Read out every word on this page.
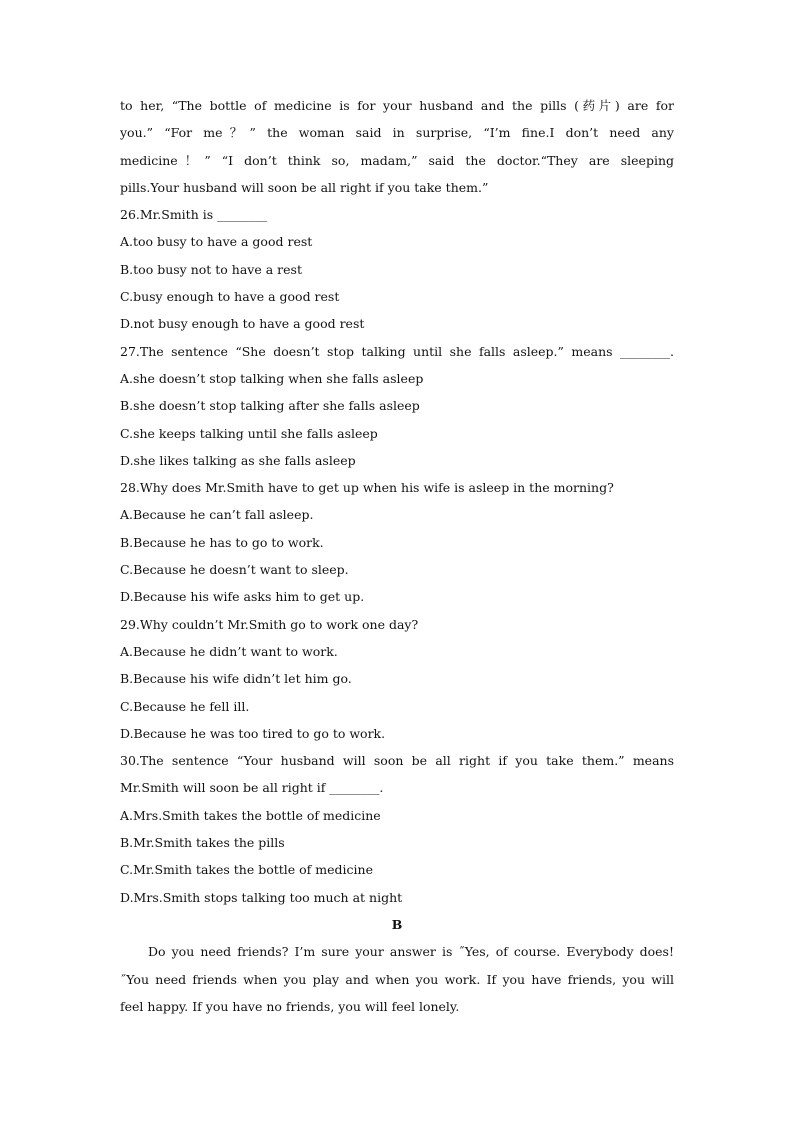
to her, “The bottle of medicine is for your husband and the pills (药片) are for
you.” “For me？” the woman said in surprise, “I’m fine.I don’t need any
medicine！” “I don’t think so, madam,” said the doctor.“They are sleeping
pills.Your husband will soon be all right if you take them.”
26.Mr.Smith is ________
A.too busy to have a good rest
B.too busy not to have a rest
C.busy enough to have a good rest
D.not busy enough to have a good rest
27.The sentence “She doesn’t stop talking until she falls asleep.” means ________.
A.she doesn’t stop talking when she falls asleep
B.she doesn’t stop talking after she falls asleep
C.she keeps talking until she falls asleep
D.she likes talking as she falls asleep
28.Why does Mr.Smith have to get up when his wife is asleep in the morning?
A.Because he can’t fall asleep.
B.Because he has to go to work.
C.Because he doesn’t want to sleep.
D.Because his wife asks him to get up.
29.Why couldn’t Mr.Smith go to work one day?
A.Because he didn’t want to work.
B.Because his wife didn’t let him go.
C.Because he fell ill.
D.Because he was too tired to go to work.
30.The sentence “Your husband will soon be all right if you take them.” means
Mr.Smith will soon be all right if ________.
A.Mrs.Smith takes the bottle of medicine
B.Mr.Smith takes the pills
C.Mr.Smith takes the bottle of medicine
D.Mrs.Smith stops talking too much at night
B
Do you need friends? I’m sure your answer is ˝Yes, of course. Everybody does!
˝You need friends when you play and when you work. If you have friends, you will
feel happy. If you have no friends, you will feel lonely.
